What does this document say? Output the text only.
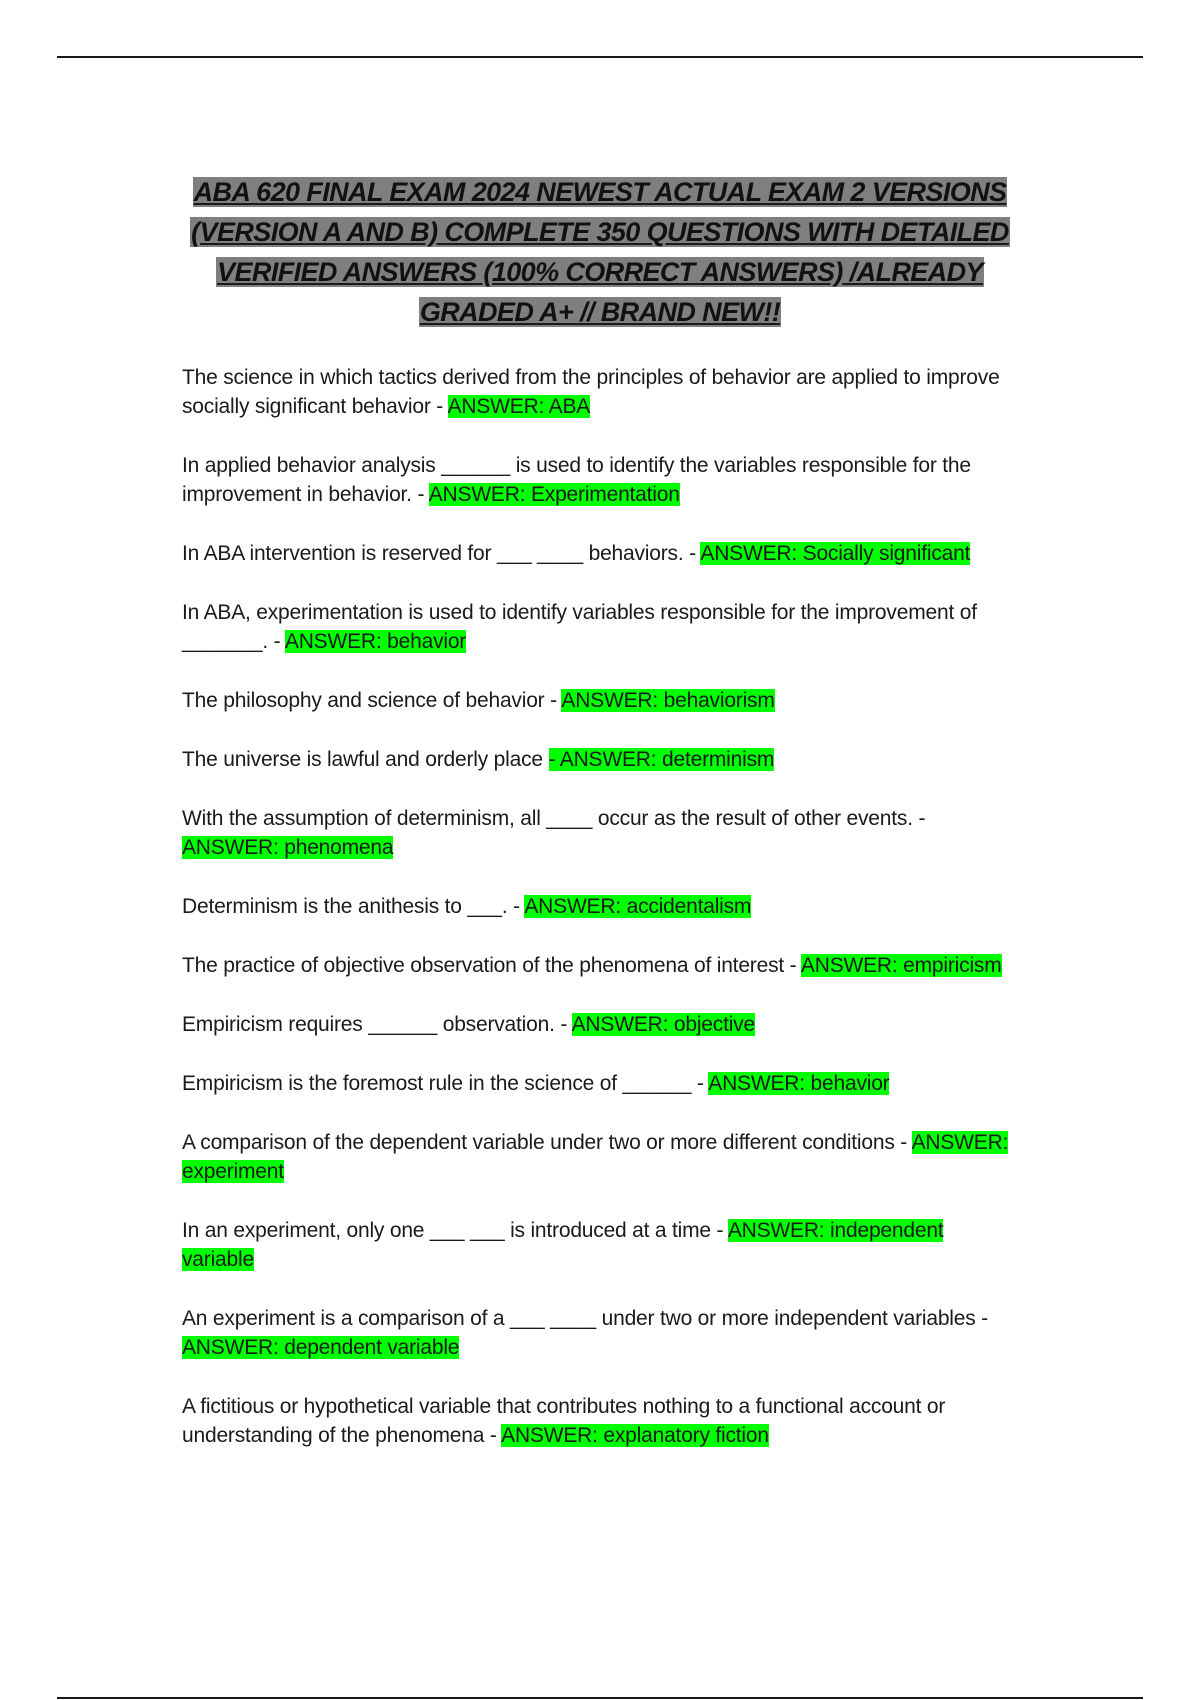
ABA 620 FINAL EXAM 2024 NEWEST ACTUAL EXAM 2 VERSIONS (VERSION A AND B) COMPLETE 350 QUESTIONS WITH DETAILED VERIFIED ANSWERS (100% CORRECT ANSWERS) /ALREADY GRADED A+ // BRAND NEW!!

The science in which tactics derived from the principles of behavior are applied to improve socially significant behavior - ANSWER: ABA

In applied behavior analysis ______ is used to identify the variables responsible for the improvement in behavior. - ANSWER: Experimentation

In ABA intervention is reserved for ___ ____ behaviors. - ANSWER: Socially significant

In ABA, experimentation is used to identify variables responsible for the improvement of _______. - ANSWER: behavior

The philosophy and science of behavior - ANSWER: behaviorism

The universe is lawful and orderly place - ANSWER: determinism

With the assumption of determinism, all ____ occur as the result of other events. - ANSWER: phenomena

Determinism is the anithesis to ___. - ANSWER: accidentalism

The practice of objective observation of the phenomena of interest - ANSWER: empiricism

Empiricism requires ______ observation. - ANSWER: objective

Empiricism is the foremost rule in the science of ______ - ANSWER: behavior

A comparison of the dependent variable under two or more different conditions - ANSWER: experiment

In an experiment, only one ___ ___ is introduced at a time - ANSWER: independent variable

An experiment is a comparison of a ___ ____ under two or more independent variables - ANSWER: dependent variable

A fictitious or hypothetical variable that contributes nothing to a functional account or understanding of the phenomena - ANSWER: explanatory fiction
